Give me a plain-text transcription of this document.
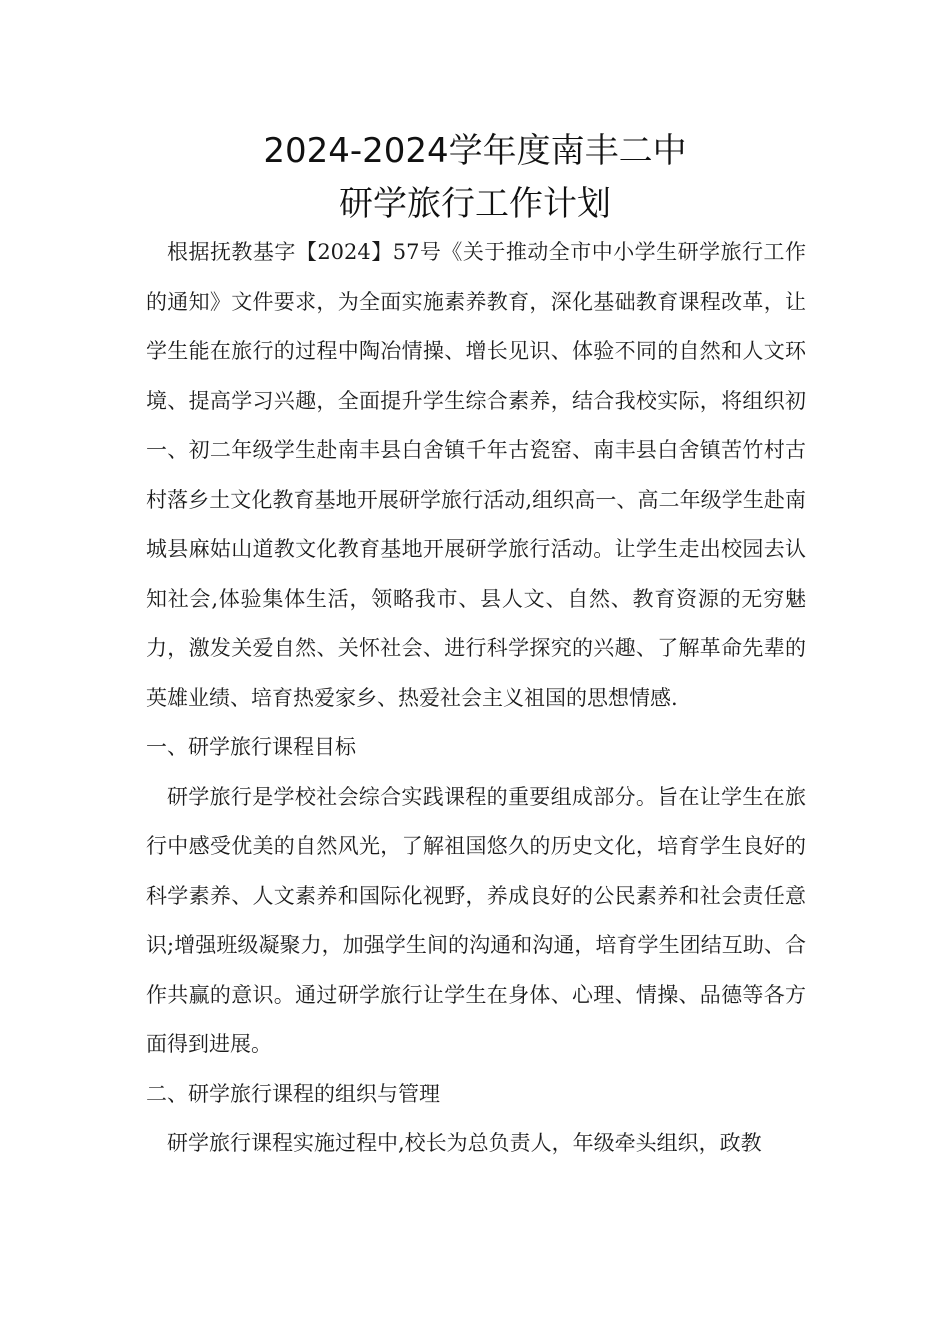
2024-2024学年度南丰二中
研学旅行工作计划

根据抚教基字【2024】57号《关于推动全市中小学生研学旅行工作的通知》文件要求，为全面实施素养教育，深化基础教育课程改革，让学生能在旅行的过程中陶冶情操、增长见识、体验不同的自然和人文环境、提高学习兴趣，全面提升学生综合素养，结合我校实际，将组织初一、初二年级学生赴南丰县白舍镇千年古瓷窑、南丰县白舍镇苦竹村古村落乡土文化教育基地开展研学旅行活动,组织高一、高二年级学生赴南城县麻姑山道教文化教育基地开展研学旅行活动。让学生走出校园去认知社会,体验集体生活，领略我市、县人文、自然、教育资源的无穷魅力，激发关爱自然、关怀社会、进行科学探究的兴趣、了解革命先辈的英雄业绩、培育热爱家乡、热爱社会主义祖国的思想情感.

一、研学旅行课程目标

研学旅行是学校社会综合实践课程的重要组成部分。旨在让学生在旅行中感受优美的自然风光，了解祖国悠久的历史文化，培育学生良好的科学素养、人文素养和国际化视野，养成良好的公民素养和社会责任意识;增强班级凝聚力，加强学生间的沟通和沟通，培育学生团结互助、合作共赢的意识。通过研学旅行让学生在身体、心理、情操、品德等各方面得到进展。

二、研学旅行课程的组织与管理

研学旅行课程实施过程中,校长为总负责人，年级牵头组织，政教
